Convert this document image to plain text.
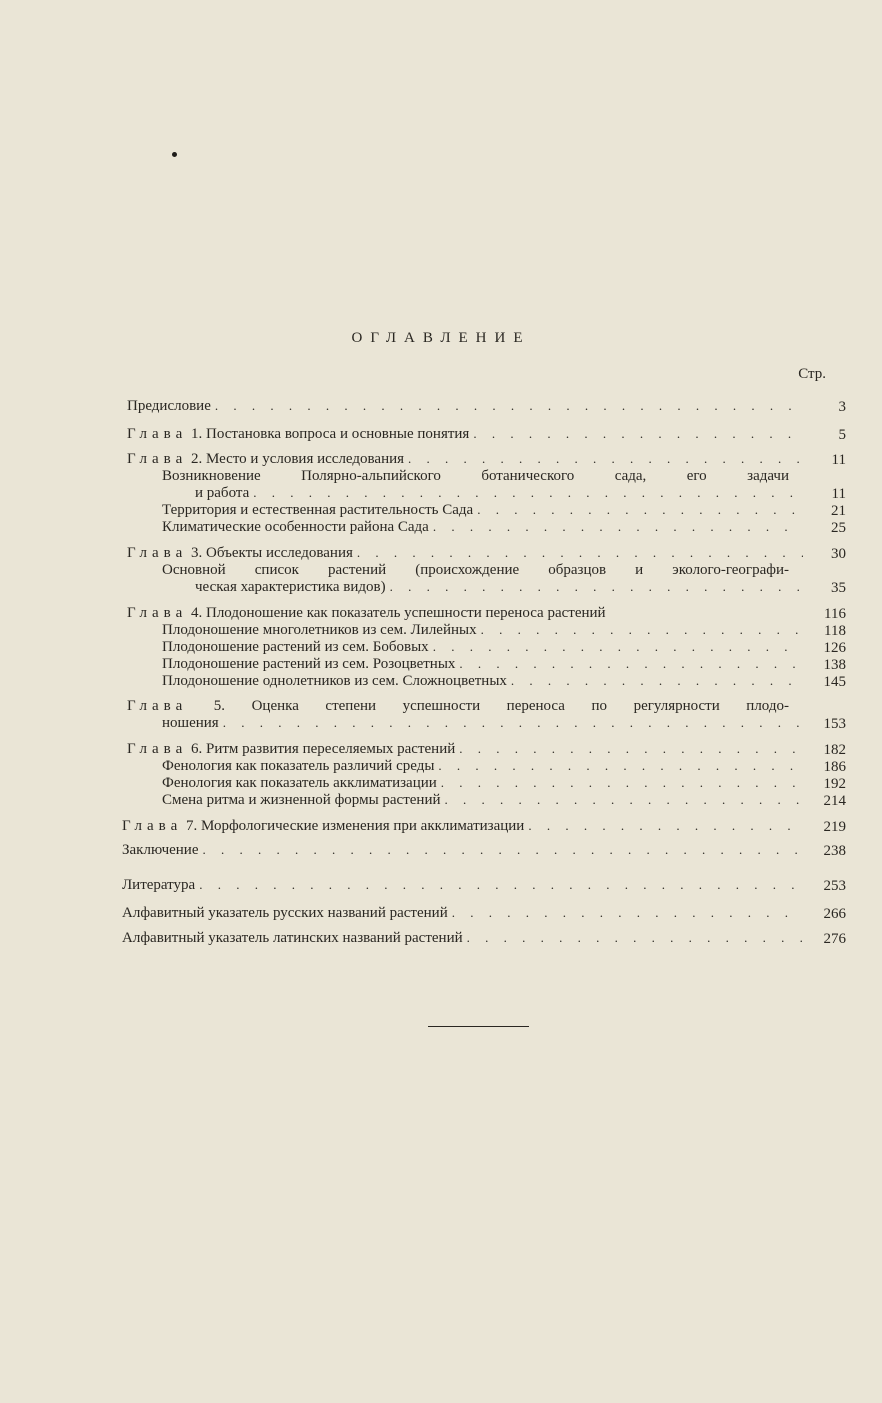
ОГЛАВЛЕНИЕ
Стр.
Предисловие . . .	3
Глава 1. Постановка вопроса и основные понятия . . .	5
Глава 2. Место и условия исследования . . .	11
Возникновение Полярно-альпийского ботанического сада, его задачи
и работа . . .	11
Территория и естественная растительность Сада . . .	21
Климатические особенности района Сада . . .	25
Глава 3. Объекты исследования . . .	30
Основной список растений (происхождение образцов и эколого-географи-
ческая характеристика видов) . . .	35
Глава 4. Плодоношение как показатель успешности переноса растений	116
Плодоношение многолетников из сем. Лилейных . . .	118
Плодоношение растений из сем. Бобовых . . .	126
Плодоношение растений из сем. Розоцветных . . .	138
Плодоношение однолетников из сем. Сложноцветных . . .	145
Глава 5. Оценка степени успешности переноса по регулярности плодо-
ношения . . .	153
Глава 6. Ритм развития переселяемых растений . . .	182
Фенология как показатель различий среды . . .	186
Фенология как показатель акклиматизации . . .	192
Смена ритма и жизненной формы растений . . .	214
Глава 7. Морфологические изменения при акклиматизации . . .	219
Заключение . . .	238
Литература . . .	253
Алфавитный указатель русских названий растений . . .	266
Алфавитный указатель латинских названий растений . . .	276
